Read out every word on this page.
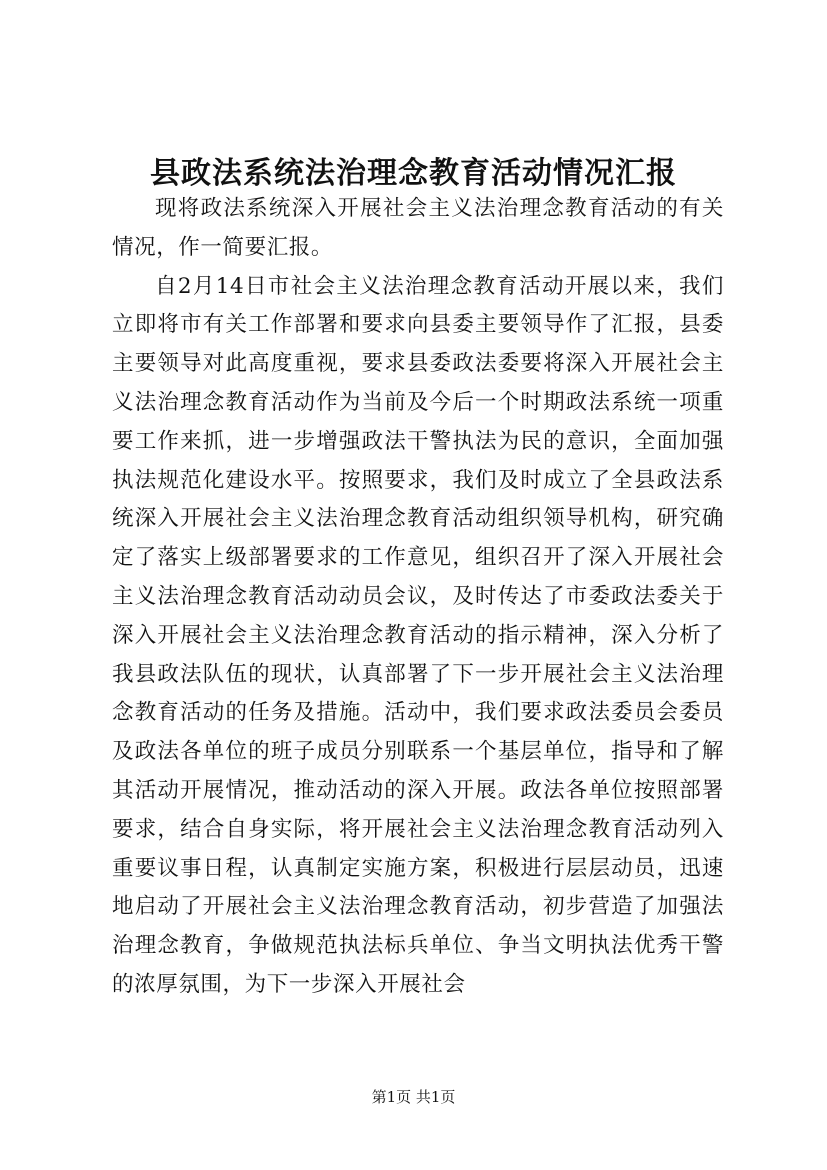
县政法系统法治理念教育活动情况汇报

现将政法系统深入开展社会主义法治理念教育活动的有关情况，作一简要汇报。

自2月14日市社会主义法治理念教育活动开展以来，我们立即将市有关工作部署和要求向县委主要领导作了汇报，县委主要领导对此高度重视，要求县委政法委要将深入开展社会主义法治理念教育活动作为当前及今后一个时期政法系统一项重要工作来抓，进一步增强政法干警执法为民的意识，全面加强执法规范化建设水平。按照要求，我们及时成立了全县政法系统深入开展社会主义法治理念教育活动组织领导机构，研究确定了落实上级部署要求的工作意见，组织召开了深入开展社会主义法治理念教育活动动员会议，及时传达了市委政法委关于深入开展社会主义法治理念教育活动的指示精神，深入分析了我县政法队伍的现状，认真部署了下一步开展社会主义法治理念教育活动的任务及措施。活动中，我们要求政法委员会委员及政法各单位的班子成员分别联系一个基层单位，指导和了解其活动开展情况，推动活动的深入开展。政法各单位按照部署要求，结合自身实际，将开展社会主义法治理念教育活动列入重要议事日程，认真制定实施方案，积极进行层层动员，迅速地启动了开展社会主义法治理念教育活动，初步营造了加强法治理念教育，争做规范执法标兵单位、争当文明执法优秀干警的浓厚氛围，为下一步深入开展社会

第1页 共1页
